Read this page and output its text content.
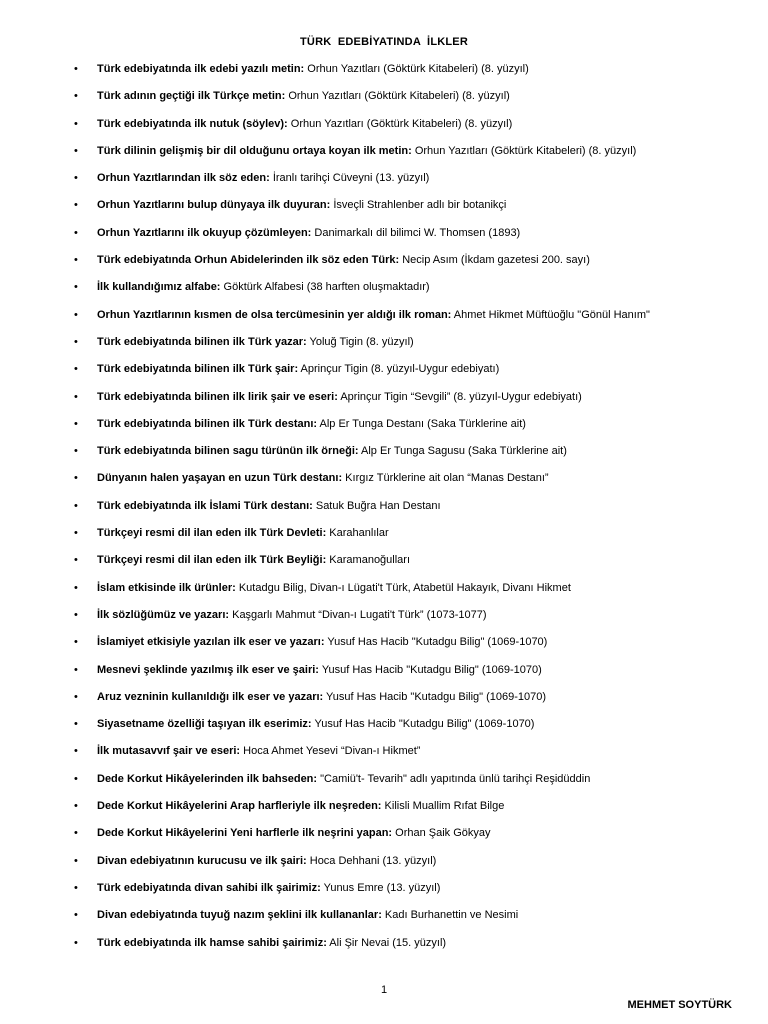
TÜRK  EDEBİYATINDA  İLKLER
• Türk edebiyatında ilk edebi yazılı metin: Orhun Yazıtları (Göktürk Kitabeleri) (8. yüzyıl)
• Türk adının geçtiği ilk Türkçe metin: Orhun Yazıtları (Göktürk Kitabeleri) (8. yüzyıl)
• Türk edebiyatında ilk nutuk (söylev): Orhun Yazıtları (Göktürk Kitabeleri) (8. yüzyıl)
• Türk dilinin gelişmiş bir dil olduğunu ortaya koyan ilk metin: Orhun Yazıtları (Göktürk Kitabeleri) (8. yüzyıl)
• Orhun Yazıtlarından ilk söz eden: İranlı tarihçi Cüveyni (13. yüzyıl)
• Orhun Yazıtlarını bulup dünyaya ilk duyuran: İsveçli Strahlenber adlı bir botanikçi
• Orhun Yazıtlarını ilk okuyup çözümleyen: Danimarkalı dil bilimci W. Thomsen (1893)
• Türk edebiyatında Orhun Abidelerinden ilk söz eden Türk: Necip Asım (İkdam gazetesi 200. sayı)
• İlk kullandığımız alfabe: Göktürk Alfabesi (38 harften oluşmaktadır)
• Orhun Yazıtlarının kısmen de olsa tercümesinin yer aldığı ilk roman: Ahmet Hikmet Müftüoğlu "Gönül Hanım"
• Türk edebiyatında bilinen ilk Türk yazar: Yoluğ Tigin (8. yüzyıl)
• Türk edebiyatında bilinen ilk Türk şair: Aprinçur Tigin (8. yüzyıl-Uygur edebiyatı)
• Türk edebiyatında bilinen ilk lirik şair ve eseri: Aprinçur Tigin “Sevgili” (8. yüzyıl-Uygur edebiyatı)
• Türk edebiyatında bilinen ilk Türk destanı: Alp Er Tunga Destanı (Saka Türklerine ait)
• Türk edebiyatında bilinen sagu türünün ilk örneği: Alp Er Tunga Sagusu (Saka Türklerine ait)
• Dünyanın halen yaşayan en uzun Türk destanı: Kırgız Türklerine ait olan “Manas Destanı”
• Türk edebiyatında ilk İslami Türk destanı: Satuk Buğra Han Destanı
• Türkçeyi resmi dil ilan eden ilk Türk Devleti: Karahanlılar
• Türkçeyi resmi dil ilan eden ilk Türk Beyliği: Karamanoğulları
• İslam etkisinde ilk ürünler: Kutadgu Bilig, Divan-ı Lügati't Türk, Atabetül Hakayık, Divanı Hikmet
• İlk sözlüğümüz ve yazarı: Kaşgarlı Mahmut “Divan-ı Lugati't Türk” (1073-1077)
• İslamiyet etkisiyle yazılan ilk eser ve yazarı: Yusuf Has Hacib "Kutadgu Bilig" (1069-1070)
• Mesnevi şeklinde yazılmış ilk eser ve şairi: Yusuf Has Hacib "Kutadgu Bilig" (1069-1070)
• Aruz vezninin kullanıldığı ilk eser ve yazarı: Yusuf Has Hacib "Kutadgu Bilig" (1069-1070)
• Siyasetname özelliği taşıyan ilk eserimiz: Yusuf Has Hacib "Kutadgu Bilig" (1069-1070)
• İlk mutasavvıf şair ve eseri: Hoca Ahmet Yesevi “Divan-ı Hikmet”
• Dede Korkut Hikâyelerinden ilk bahseden: "Camiü't- Tevarih" adlı yapıtında ünlü tarihçi Reşidüddin
• Dede Korkut Hikâyelerini Arap harfleriyle ilk neşreden: Kilisli Muallim Rıfat Bilge
• Dede Korkut Hikâyelerini Yeni harflerle ilk neşrini yapan: Orhan Şaik Gökyay
• Divan edebiyatının kurucusu ve ilk şairi: Hoca Dehhani (13. yüzyıl)
• Türk edebiyatında divan sahibi ilk şairimiz: Yunus Emre (13. yüzyıl)
• Divan edebiyatında tuyuğ nazım şeklini ilk kullananlar: Kadı Burhanettin ve Nesimi
• Türk edebiyatında ilk hamse sahibi şairimiz: Ali Şir Nevai (15. yüzyıl)
1
MEHMET SOYTÜRK
